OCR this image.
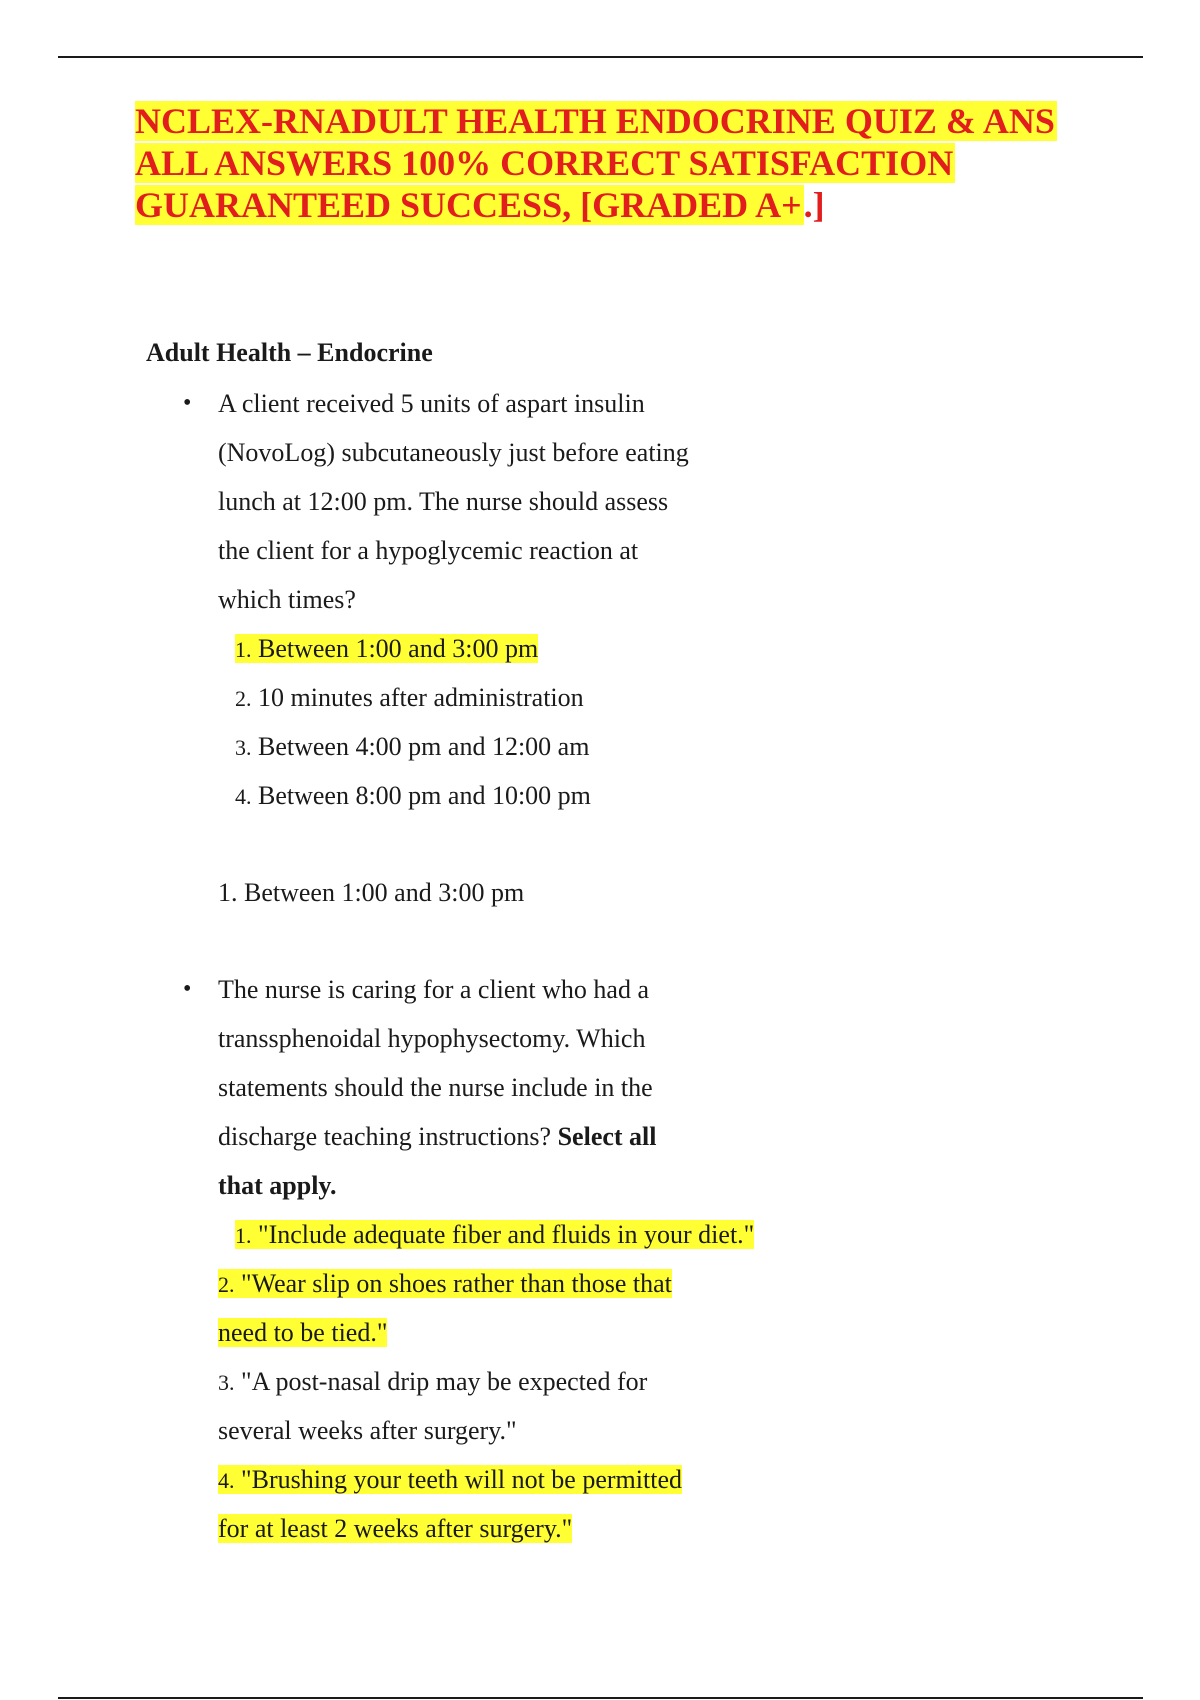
NCLEX-RNADULT HEALTH ENDOCRINE QUIZ & ANS
ALL ANSWERS 100% CORRECT SATISFACTION
GUARANTEED SUCCESS, [GRADED A+.]
Adult Health – Endocrine
•	A client received 5 units of aspart insulin
(NovoLog) subcutaneously just before eating
lunch at 12:00 pm. The nurse should assess
the client for a hypoglycemic reaction at
which times?
1. Between 1:00 and 3:00 pm
2. 10 minutes after administration
3. Between 4:00 pm and 12:00 am
4. Between 8:00 pm and 10:00 pm

1. Between 1:00 and 3:00 pm

•	The nurse is caring for a client who had a
transsphenoidal hypophysectomy. Which
statements should the nurse include in the
discharge teaching instructions? Select all
that apply.
1. "Include adequate fiber and fluids in your diet."
2. "Wear slip on shoes rather than those that
need to be tied."
3. "A post-nasal drip may be expected for
several weeks after surgery."
4. "Brushing your teeth will not be permitted
for at least 2 weeks after surgery."
